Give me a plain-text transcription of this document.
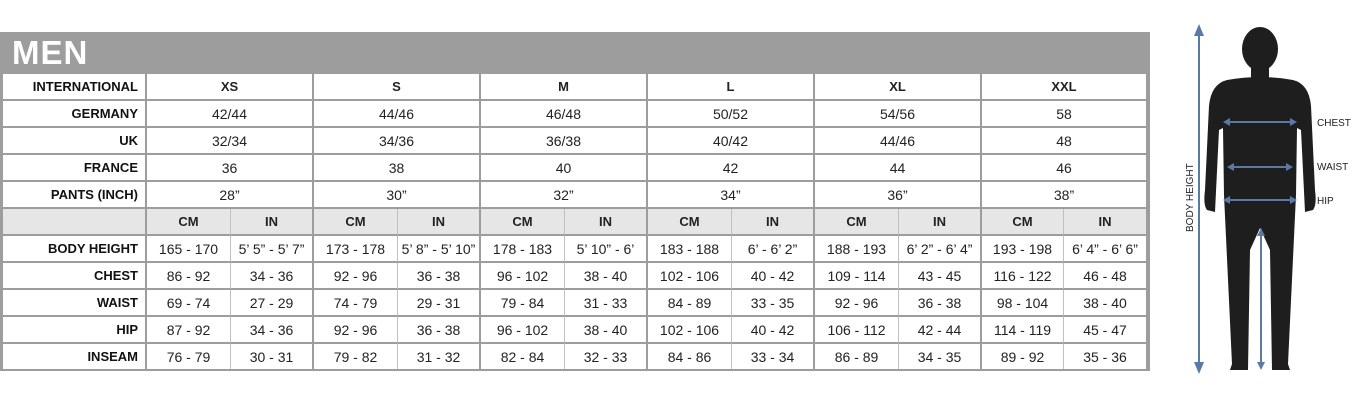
MEN
INTERNATIONAL	XS		S		M		L		XL		XXL	
GERMANY	42/44		44/46		46/48		50/52		54/56		58	
UK	32/34		34/36		36/38		40/42		44/46		48	
FRANCE	36		38		40		42		44		46	
PANTS (INCH)	28”		30”		32”		34”		36”		38”	
	CM	IN	CM	IN	CM	IN	CM	IN	CM	IN	CM	IN
BODY HEIGHT	165 - 170	5’ 5” - 5’ 7”	173 - 178	5’ 8” - 5’ 10”	178 - 183	5’ 10” - 6’	183 - 188	6’ - 6’ 2”	188 - 193	6’ 2” - 6’ 4”	193 - 198	6’ 4” - 6’ 6”
CHEST	86 - 92	34 - 36	92 - 96	36 - 38	96 - 102	38 - 40	102 - 106	40 - 42	109 - 114	43 - 45	116 - 122	46 - 48
WAIST	69 - 74	27 - 29	74 - 79	29 - 31	79 - 84	31 - 33	84 - 89	33 - 35	92 - 96	36 - 38	98 - 104	38 - 40
HIP	87 - 92	34 - 36	92 - 96	36 - 38	96 - 102	38 - 40	102 - 106	40 - 42	106 - 112	42 - 44	114 - 119	45 - 47
INSEAM	76 - 79	30 - 31	79 - 82	31 - 32	82 - 84	32 - 33	84 - 86	33 - 34	86 - 89	34 - 35	89 - 92	35 - 36
BODY HEIGHT
CHEST
WAIST
HIP
INSEAM
